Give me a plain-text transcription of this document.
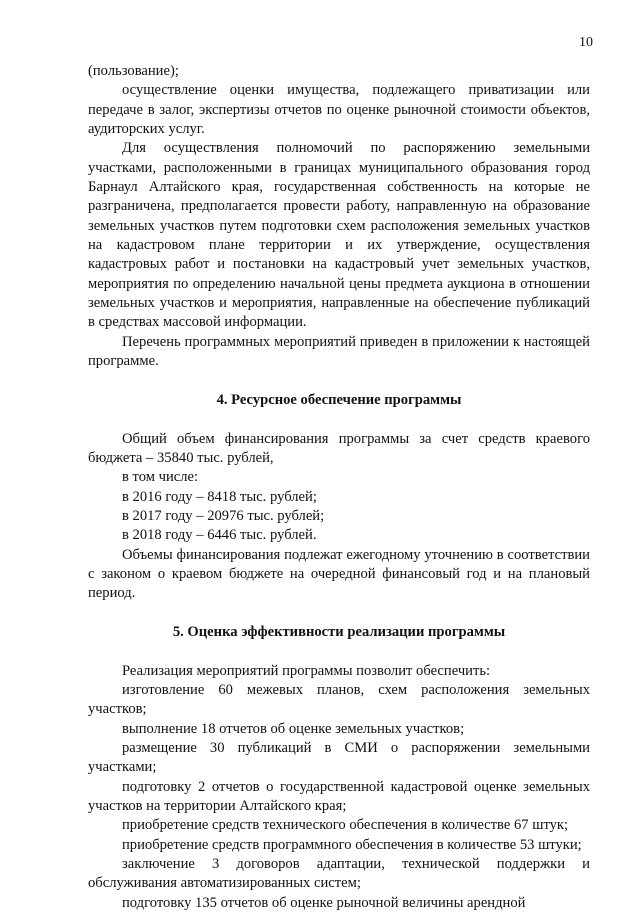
10

(пользование);

осуществление оценки имущества, подлежащего приватизации или передаче в залог, экспертизы отчетов по оценке рыночной стоимости объектов, аудиторских услуг.

Для осуществления полномочий по распоряжению земельными участками, расположенными в границах муниципального образования город Барнаул Алтайского края, государственная собственность на которые не разграничена, предполагается провести работу, направленную на образование земельных участков путем подготовки схем расположения земельных участков на кадастровом плане территории и их утверждение, осуществления кадастровых работ и постановки на кадастровый учет земельных участков, мероприятия по определению начальной цены предмета аукциона в отношении земельных участков и мероприятия, направленные на обеспечение публикаций в средствах массовой информации.

Перечень программных мероприятий приведен в приложении к настоящей программе.

4. Ресурсное обеспечение программы

Общий объем финансирования программы за счет средств краевого бюджета – 35840 тыс. рублей,

в том числе:

в 2016 году – 8418 тыс. рублей;

в 2017 году – 20976 тыс. рублей;

в 2018 году – 6446 тыс. рублей.

Объемы финансирования подлежат ежегодному уточнению в соответствии с законом о краевом бюджете на очередной финансовый год и на плановый период.

5. Оценка эффективности реализации программы

Реализация мероприятий программы позволит обеспечить:

изготовление 60 межевых планов, схем расположения земельных участков;

выполнение 18 отчетов об оценке земельных участков;

размещение 30 публикаций в СМИ о распоряжении земельными участками;

подготовку 2 отчетов о государственной кадастровой оценке земельных участков на территории Алтайского края;

приобретение средств технического обеспечения в количестве 67 штук;

приобретение средств программного обеспечения в количестве 53 штуки;

заключение 3 договоров адаптации, технической поддержки и обслуживания автоматизированных систем;

подготовку 135 отчетов об оценке рыночной величины арендной
